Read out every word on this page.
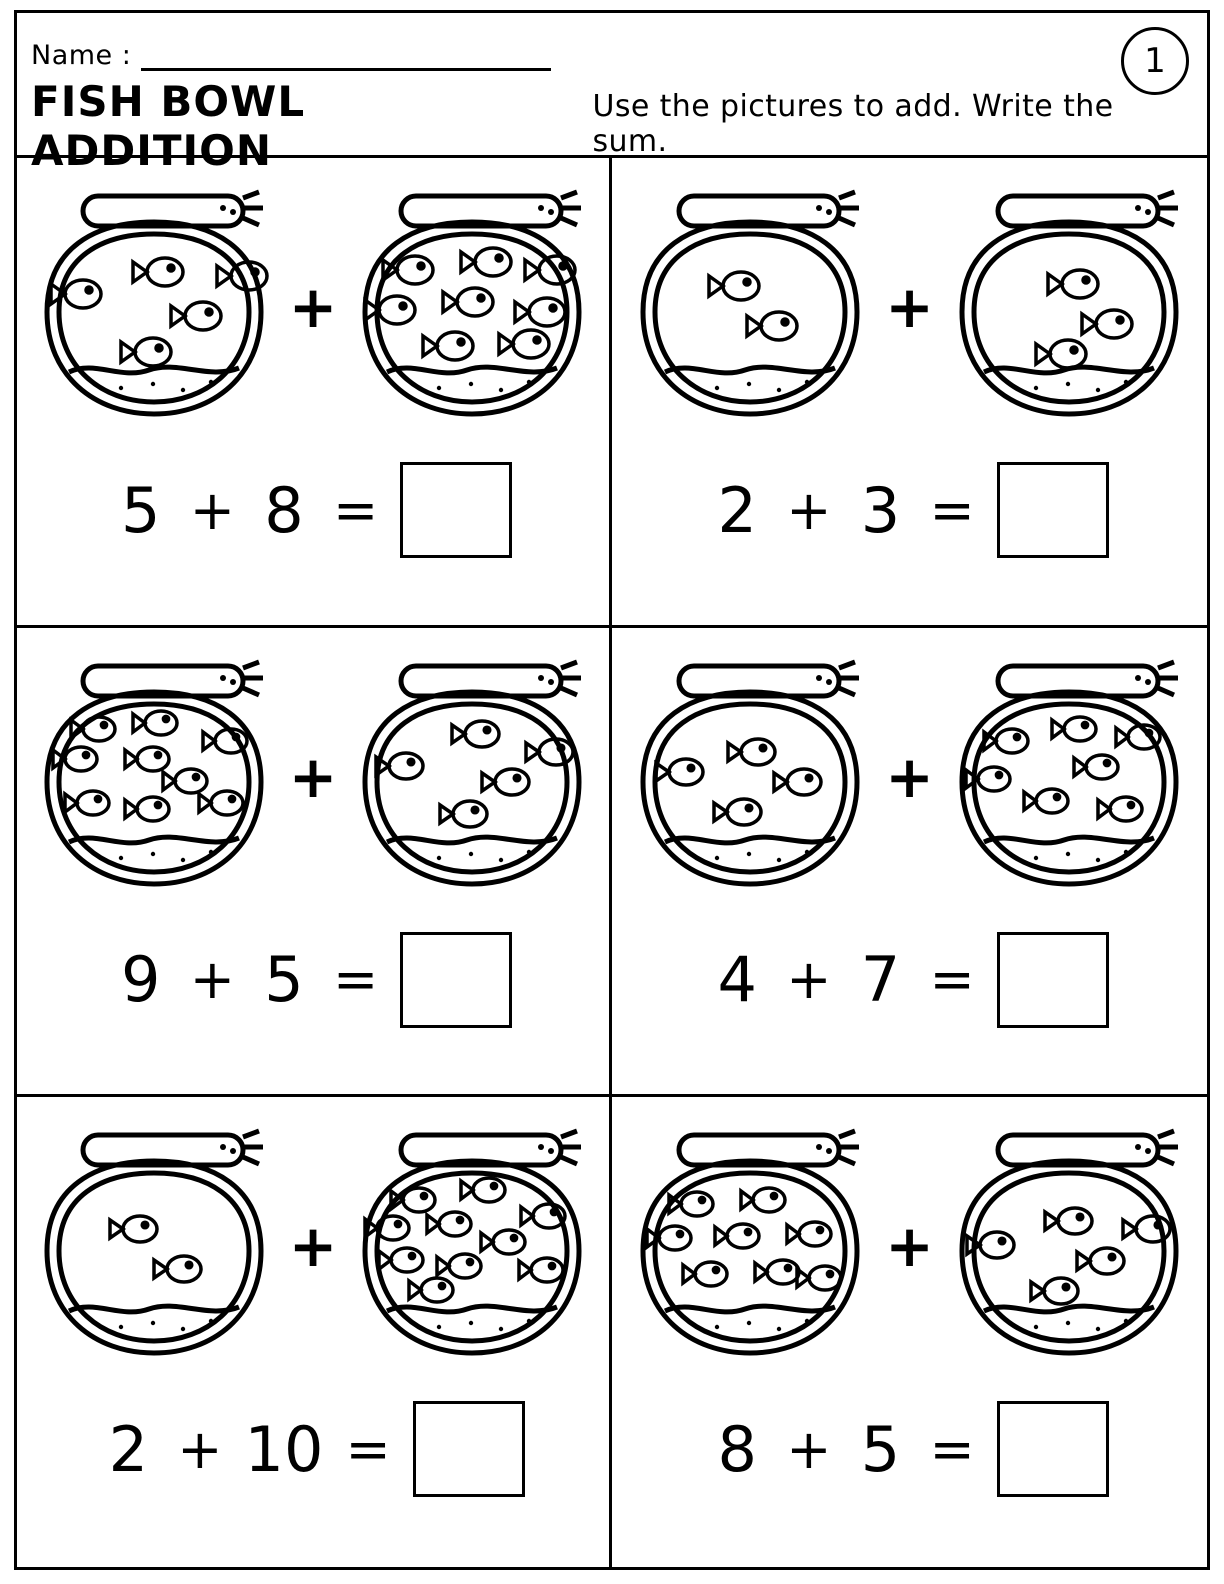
Name :
FISH BOWL ADDITION
Use the pictures to add. Write the sum.
1
+
5 + 8 =
+
2 + 3 =
+
9 + 5 =
+
4 + 7 =
+
2 + 10 =
+
8 + 5 =
